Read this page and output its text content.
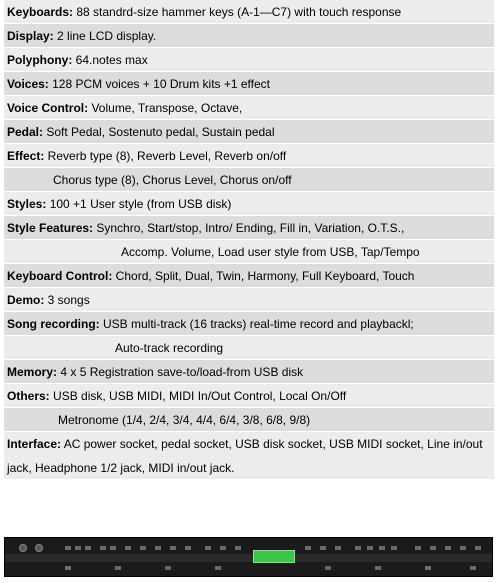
Keyboards: 88 standrd-size hammer keys (A-1—C7) with touch response
Display: 2 line LCD display.
Polyphony: 64.notes max
Voices: 128 PCM voices + 10 Drum kits +1 effect
Voice Control: Volume, Transpose, Octave,
Pedal: Soft Pedal, Sostenuto pedal, Sustain pedal
Effect: Reverb type (8), Reverb Level, Reverb on/off
Chorus type (8), Chorus Level, Chorus on/off
Styles: 100 +1 User style (from USB disk)
Style Features: Synchro, Start/stop, Intro/ Ending, Fill in, Variation, O.T.S.,
Accomp. Volume, Load user style from USB, Tap/Tempo
Keyboard Control: Chord, Split, Dual, Twin, Harmony, Full Keyboard, Touch
Demo: 3 songs
Song recording: USB multi-track (16 tracks) real-time record and playbackl;
Auto-track recording
Memory: 4 x 5 Registration save-to/load-from USB disk
Others: USB disk, USB MIDI, MIDI In/Out Control, Local On/Off
Metronome (1/4, 2/4, 3/4, 4/4, 6/4, 3/8, 6/8, 9/8)
Interface: AC power socket, pedal socket, USB disk socket, USB MIDI socket, Line in/out jack, Headphone 1/2 jack, MIDI in/out jack.
